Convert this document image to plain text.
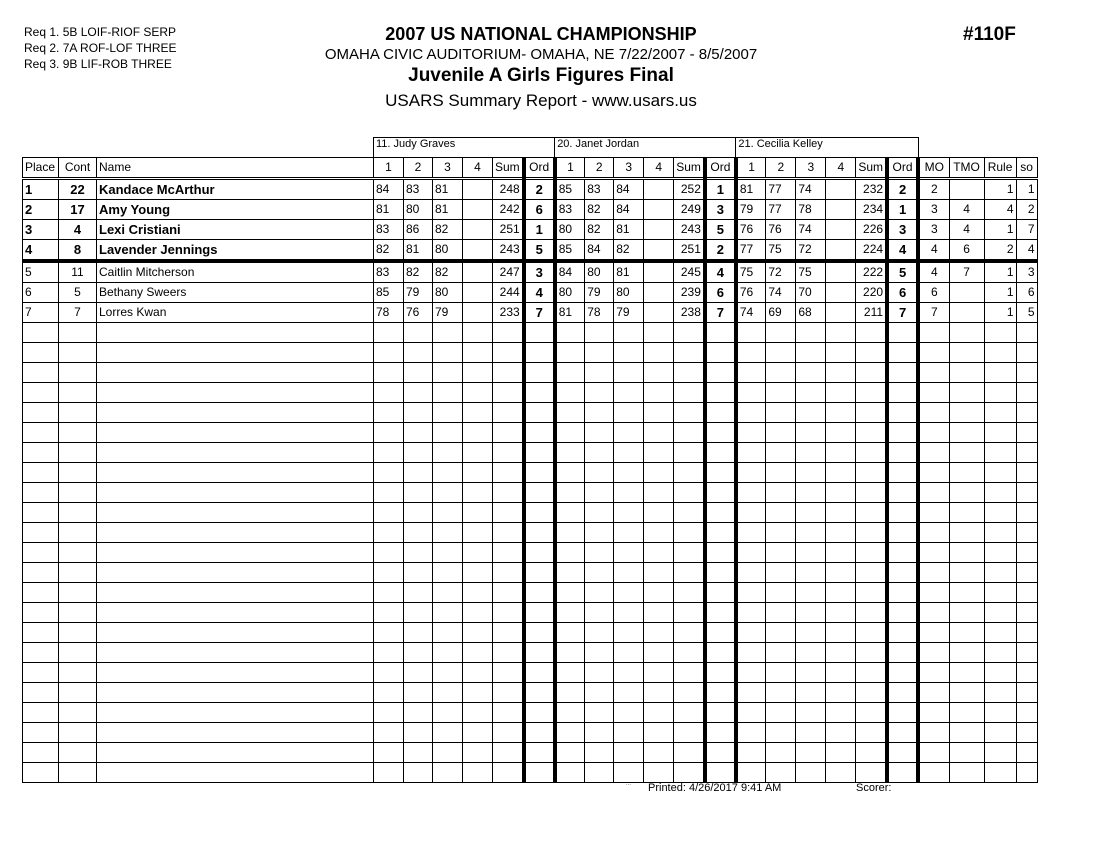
Req 1. 5B LOIF-RIOF SERP
Req 2. 7A ROF-LOF THREE
Req 3. 9B LIF-ROB THREE
2007 US NATIONAL CHAMPIONSHIP
OMAHA CIVIC AUDITORIUM- OMAHA, NE 7/22/2007 - 8/5/2007
Juvenile A Girls Figures Final
USARS Summary Report - www.usars.us
#110F
			11. Judy Graves						20. Janet Jordan						21. Cecilia Kelley									
Place	Cont	Name	1	2	3	4	Sum	Ord	1	2	3	4	Sum	Ord	1	2	3	4	Sum	Ord	MO	TMO	Rule	so
1	22	Kandace McArthur	84	83	81		248	2	85	83	84		252	1	81	77	74		232	2	2		1	1
2	17	Amy Young	81	80	81		242	6	83	82	84		249	3	79	77	78		234	1	3	4	4	2
3	4	Lexi Cristiani	83	86	82		251	1	80	82	81		243	5	76	76	74		226	3	3	4	1	7
4	8	Lavender Jennings	82	81	80		243	5	85	84	82		251	2	77	75	72		224	4	4	6	2	4
5	11	Caitlin Mitcherson	83	82	82		247	3	84	80	81		245	4	75	72	75		222	5	4	7	1	3
6	5	Bethany Sweers	85	79	80		244	4	80	79	80		239	6	76	74	70		220	6	6		1	6
7	7	Lorres Kwan	78	76	79		233	7	81	78	79		238	7	74	69	68		211	7	7		1	5

··· Printed: 4/26/2017 9:41 AM	Scorer:
